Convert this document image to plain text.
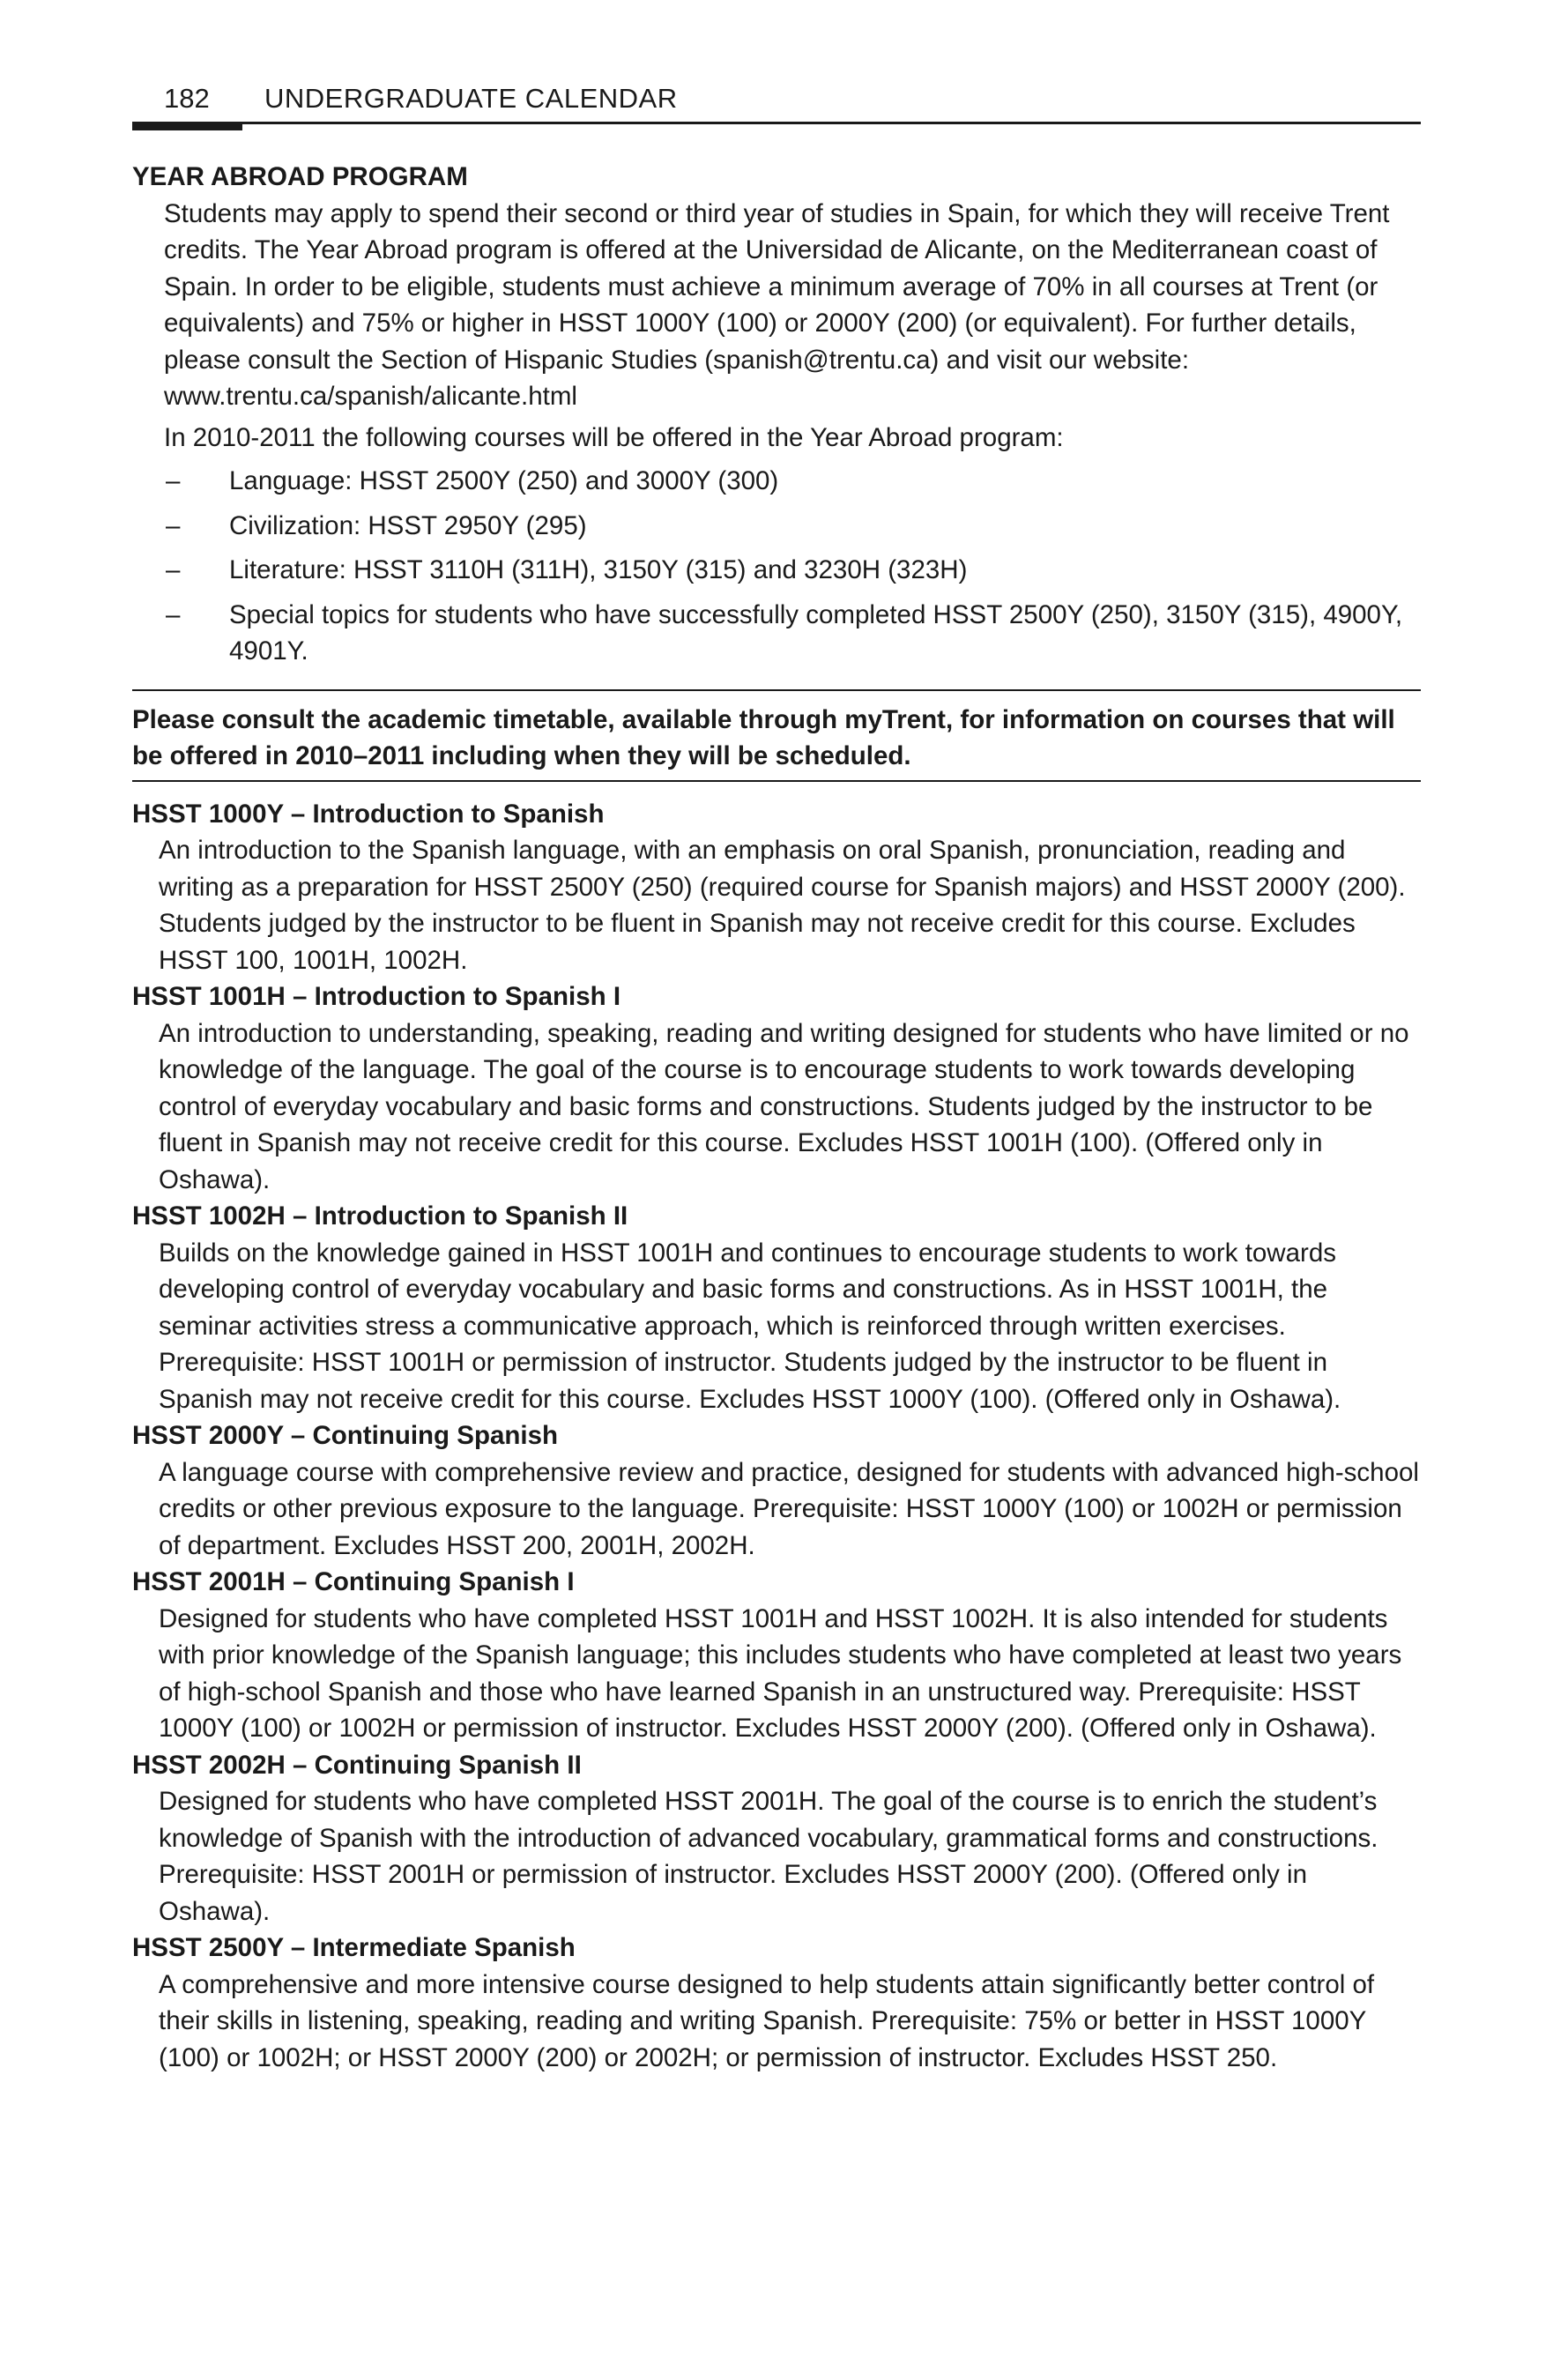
182 UNDERGRADUATE CALENDAR
YEAR ABROAD PROGRAM

Students may apply to spend their second or third year of studies in Spain, for which they will receive Trent credits. The Year Abroad program is offered at the Universidad de Alicante, on the Mediterranean coast of Spain. In order to be eligible, students must achieve a minimum average of 70% in all courses at Trent (or equivalents) and 75% or higher in HSST 1000Y (100) or 2000Y (200) (or equivalent). For further details, please consult the Section of Hispanic Studies (spanish@trentu.ca) and visit our website: www.trentu.ca/spanish/alicante.html

In 2010-2011 the following courses will be offered in the Year Abroad program:

– Language: HSST 2500Y (250) and 3000Y (300)
– Civilization: HSST 2950Y (295)
– Literature: HSST 3110H (311H), 3150Y (315) and 3230H (323H)
– Special topics for students who have successfully completed HSST 2500Y (250), 3150Y (315), 4900Y, 4901Y.
Please consult the academic timetable, available through myTrent, for information on courses that will be offered in 2010–2011 including when they will be scheduled.

HSST 1000Y – Introduction to Spanish

An introduction to the Spanish language, with an emphasis on oral Spanish, pronunciation, reading and writing as a preparation for HSST 2500Y (250) (required course for Spanish majors) and HSST 2000Y (200). Students judged by the instructor to be fluent in Spanish may not receive credit for this course. Excludes HSST 100, 1001H, 1002H.

HSST 1001H – Introduction to Spanish I

An introduction to understanding, speaking, reading and writing designed for students who have limited or no knowledge of the language. The goal of the course is to encourage students to work towards developing control of everyday vocabulary and basic forms and constructions. Students judged by the instructor to be fluent in Spanish may not receive credit for this course. Excludes HSST 1001H (100). (Offered only in Oshawa).

HSST 1002H – Introduction to Spanish II

Builds on the knowledge gained in HSST 1001H and continues to encourage students to work towards developing control of everyday vocabulary and basic forms and constructions. As in HSST 1001H, the seminar activities stress a communicative approach, which is reinforced through written exercises. Prerequisite: HSST 1001H or permission of instructor. Students judged by the instructor to be fluent in Spanish may not receive credit for this course. Excludes HSST 1000Y (100). (Offered only in Oshawa).

HSST 2000Y – Continuing Spanish

A language course with comprehensive review and practice, designed for students with advanced high-school credits or other previous exposure to the language. Prerequisite: HSST 1000Y (100) or 1002H or permission of department. Excludes HSST 200, 2001H, 2002H.

HSST 2001H – Continuing Spanish I

Designed for students who have completed HSST 1001H and HSST 1002H. It is also intended for students with prior knowledge of the Spanish language; this includes students who have completed at least two years of high-school Spanish and those who have learned Spanish in an unstructured way. Prerequisite: HSST 1000Y (100) or 1002H or permission of instructor. Excludes HSST 2000Y (200). (Offered only in Oshawa).

HSST 2002H – Continuing Spanish II

Designed for students who have completed HSST 2001H. The goal of the course is to enrich the student’s knowledge of Spanish with the introduction of advanced vocabulary, grammatical forms and constructions. Prerequisite: HSST 2001H or permission of instructor. Excludes HSST 2000Y (200). (Offered only in Oshawa).

HSST 2500Y – Intermediate Spanish

A comprehensive and more intensive course designed to help students attain significantly better control of their skills in listening, speaking, reading and writing Spanish. Prerequisite: 75% or better in HSST 1000Y (100) or 1002H; or HSST 2000Y (200) or 2002H; or permission of instructor. Excludes HSST 250.
